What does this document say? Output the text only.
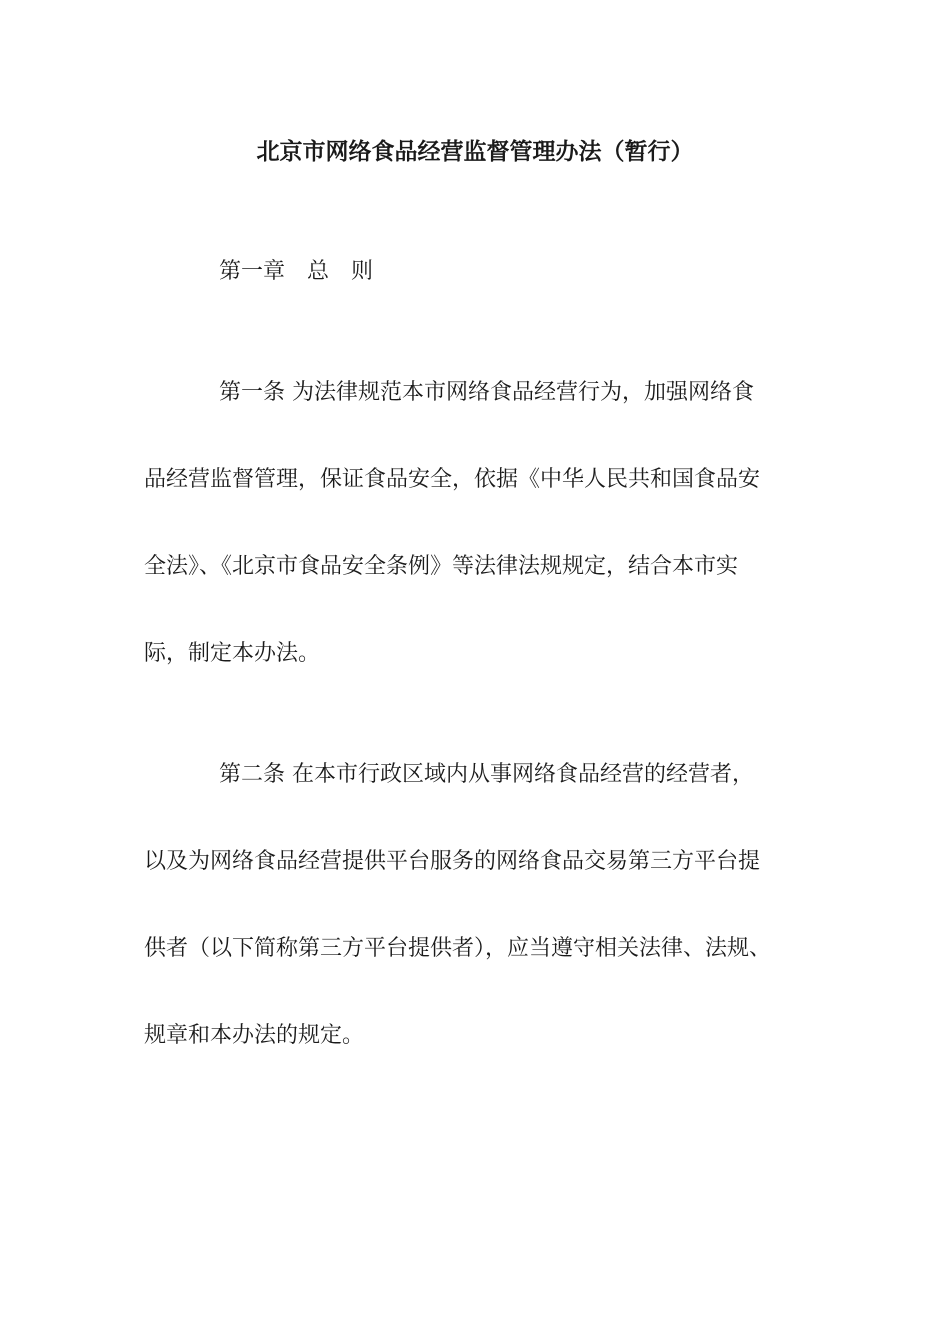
北京市网络食品经营监督管理办法（暂行）
第一章　总　则
第一条 为法律规范本市网络食品经营行为，加强网络食
品经营监督管理，保证食品安全，依据《中华人民共和国食品安
全法》、《北京市食品安全条例》等法律法规规定，结合本市实
际，制定本办法。
第二条 在本市行政区域内从事网络食品经营的经营者，
以及为网络食品经营提供平台服务的网络食品交易第三方平台提
供者（以下简称第三方平台提供者），应当遵守相关法律、法规、
规章和本办法的规定。
